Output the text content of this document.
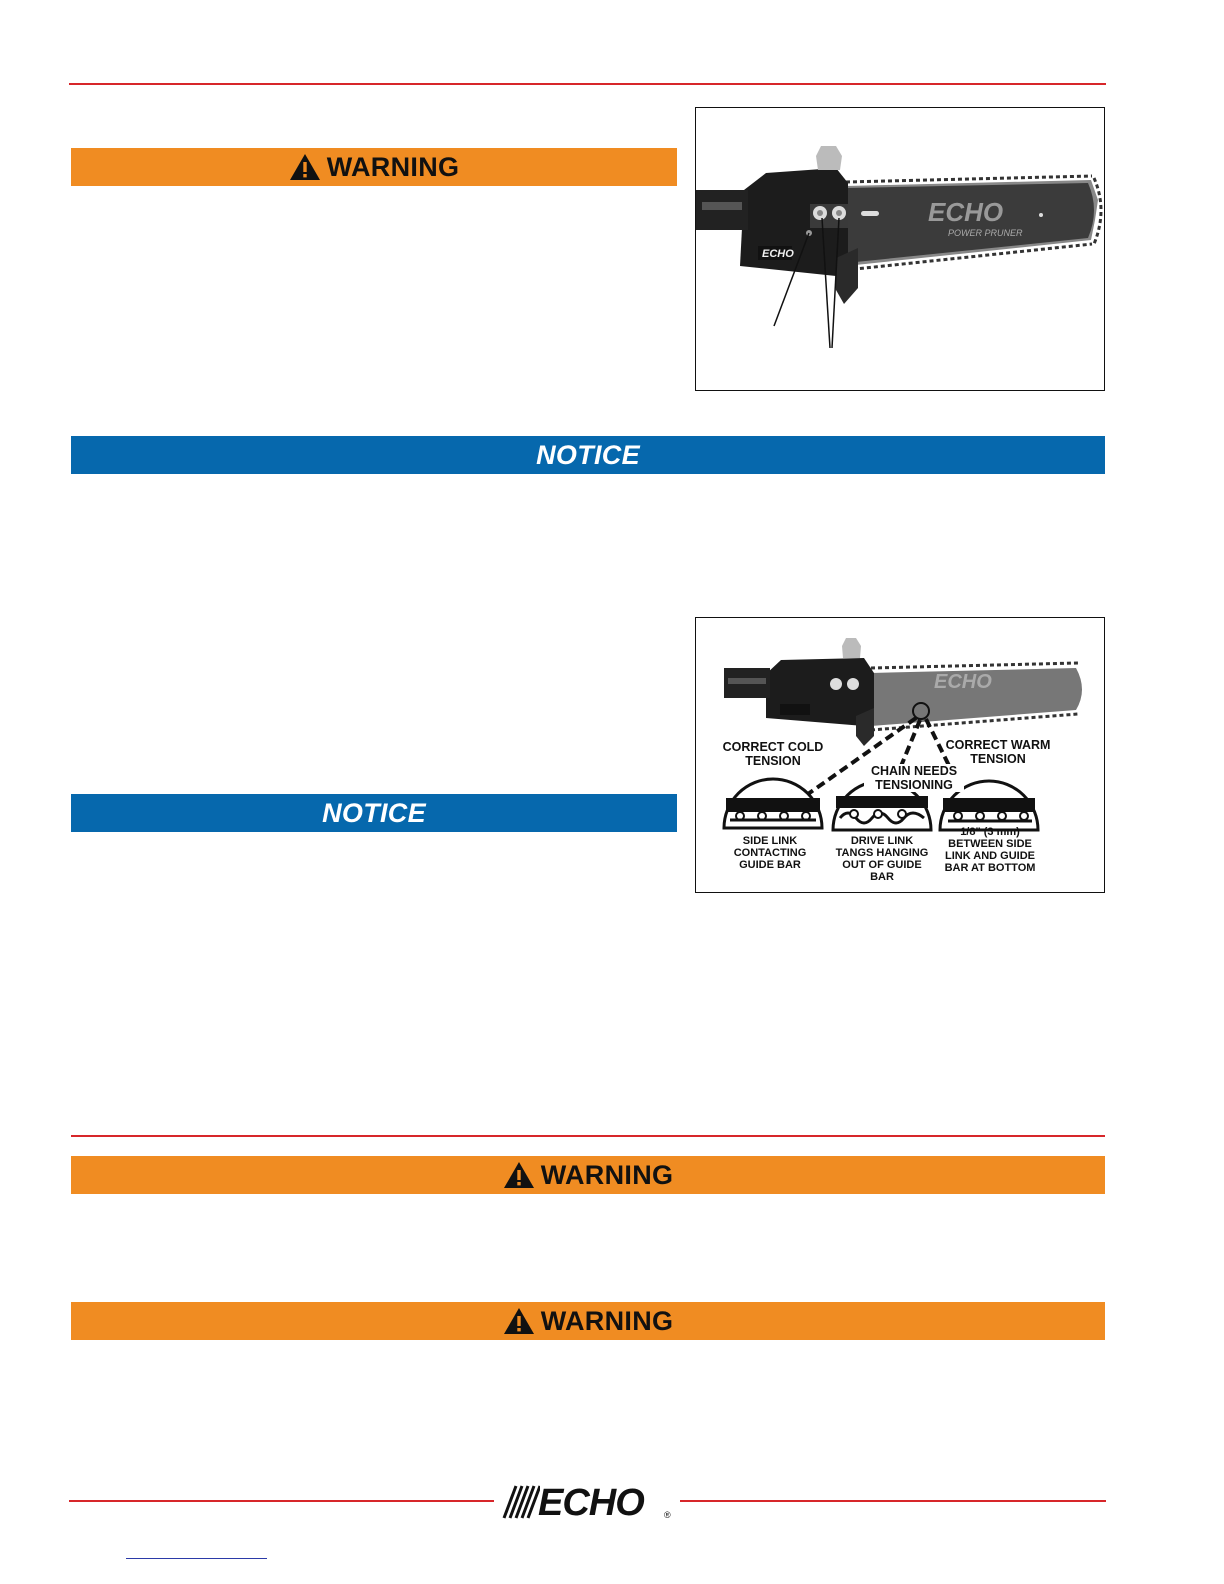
WARNING
ECHO
POWER PRUNER
ECHO
NOTICE
ECHO
CORRECT COLD TENSION
CHAIN NEEDS TENSIONING
CORRECT WARM TENSION
SIDE LINK CONTACTING GUIDE BAR
DRIVE LINK TANGS HANGING OUT OF GUIDE BAR
1/8" (3 mm) BETWEEN SIDE LINK AND GUIDE BAR AT BOTTOM
NOTICE
WARNING
WARNING
ECHO ®
